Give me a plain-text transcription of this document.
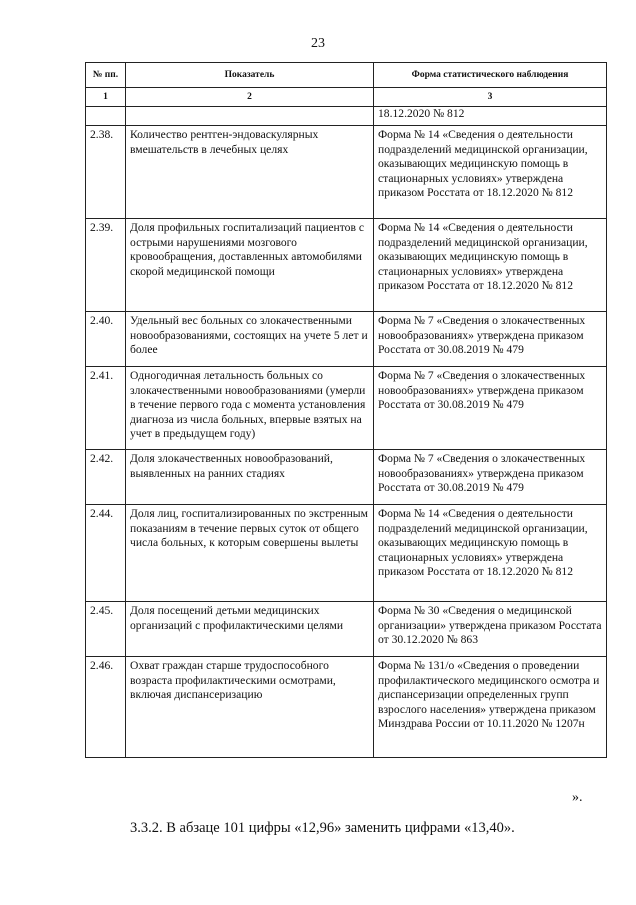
23
№ пп.	Показатель	Форма статистического наблюдения
1	2	3
		18.12.2020 № 812
2.38.	Количество рентген-эндоваскулярных вмешательств в лечебных целях	Форма № 14 «Сведения о деятельности подразделений медицинской организации, оказывающих медицинскую помощь в стационарных условиях» утверждена приказом Росстата от 18.12.2020 № 812
2.39.	Доля профильных госпитализаций пациентов с острыми нарушениями мозгового кровообращения, доставленных автомобилями скорой медицинской помощи	Форма № 14 «Сведения о деятельности подразделений медицинской организации, оказывающих медицинскую помощь в стационарных условиях» утверждена приказом Росстата от 18.12.2020 № 812
2.40.	Удельный вес больных со злокачественными новообразованиями, состоящих на учете 5 лет и более	Форма № 7 «Сведения о злокачественных новообразованиях» утверждена приказом Росстата от 30.08.2019 № 479
2.41.	Одногодичная летальность больных со злокачественными новообразованиями (умерли в течение первого года с момента установления диагноза из числа больных, впервые взятых на учет в предыдущем году)	Форма № 7 «Сведения о злокачественных новообразованиях» утверждена приказом Росстата от 30.08.2019 № 479
2.42.	Доля злокачественных новообразований, выявленных на ранних стадиях	Форма № 7 «Сведения о злокачественных новообразованиях» утверждена приказом Росстата от 30.08.2019 № 479
2.44.	Доля лиц, госпитализированных по экстренным показаниям в течение первых суток от общего числа больных, к которым совершены вылеты	Форма № 14 «Сведения о деятельности подразделений медицинской организации, оказывающих медицинскую помощь в стационарных условиях» утверждена приказом Росстата от 18.12.2020 № 812
2.45.	Доля посещений детьми медицинских организаций с профилактическими целями	Форма № 30 «Сведения о медицинской организации» утверждена приказом Росстата от 30.12.2020 № 863
2.46.	Охват граждан старше трудоспособного возраста профилактическими осмотрами, включая диспансеризацию	Форма № 131/о «Сведения о проведении профилактического медицинского осмотра и диспансеризации определенных групп взрослого населения» утверждена приказом Минздрава России от 10.11.2020 № 1207н
».
3.3.2. В абзаце 101 цифры «12,96» заменить цифрами «13,40».
